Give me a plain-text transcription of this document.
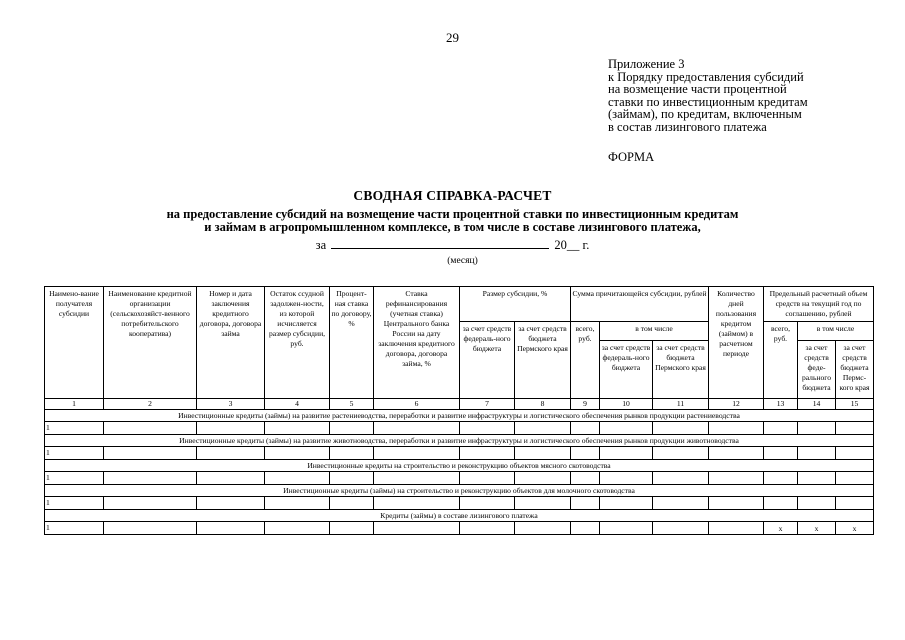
29
Приложение 3
к Порядку предоставления субсидий
на возмещение части процентной
ставки по инвестиционным кредитам
(займам), по кредитам, включенным
в состав лизингового платежа
ФОРМА
СВОДНАЯ СПРАВКА-РАСЧЕТ
на предоставление субсидий на возмещение части процентной ставки по инвестиционным кредитам
и займам в агропромышленном комплексе, в том числе в составе лизингового платежа,
за	20__ г.
(месяц)
Наимено-вание получателя субсидии	Наименование кредитной организации (сельскохозяйст-венного потребительского кооператива)	Номер и дата заключения кредитного договора, договора займа	Остаток ссудной задолжен-ности, из которой исчисляется размер субсидии, руб.	Процент-ная ставка по договору, %	Ставка рефинансирования (учетная ставка) Центрального банка России на дату заключения кредитного договора, договора займа, %	Размер субсидии, %		Сумма причитающейся субсидии, рублей			Количество дней пользования кредитом (займом) в расчетном периоде	Предельный расчетный объем средств на текущий год по соглашению, рублей		
						за счет средств федераль-ного бюджета	за счет средств бюджета Пермского края	всего, руб.	в том числе			всего, руб.	в том числе	
									за счет средств федераль-ного бюджета	за счет средств бюджета Пермского края			за счет средств феде-рального бюджета	за счет средств бюджета Пермс-кого края
1	2	3	4	5	6	7	8	9	10	11	12	13	14	15
Инвестиционные кредиты (займы) на развитие растениеводства, переработки и развитие инфраструктуры и логистического обеспечения рынков продукции растениеводства														
1														
Инвестиционные кредиты (займы) на развитие животноводства, переработки и развитие инфраструктуры и логистического обеспечения рынков продукции животноводства														
1														
Инвестиционные кредиты на строительство и реконструкцию объектов мясного скотоводства														
1														
Инвестиционные кредиты (займы) на строительство и реконструкцию объектов для молочного скотоводства														
1														
Кредиты (займы) в составе лизингового платежа														
1												x	x	x
